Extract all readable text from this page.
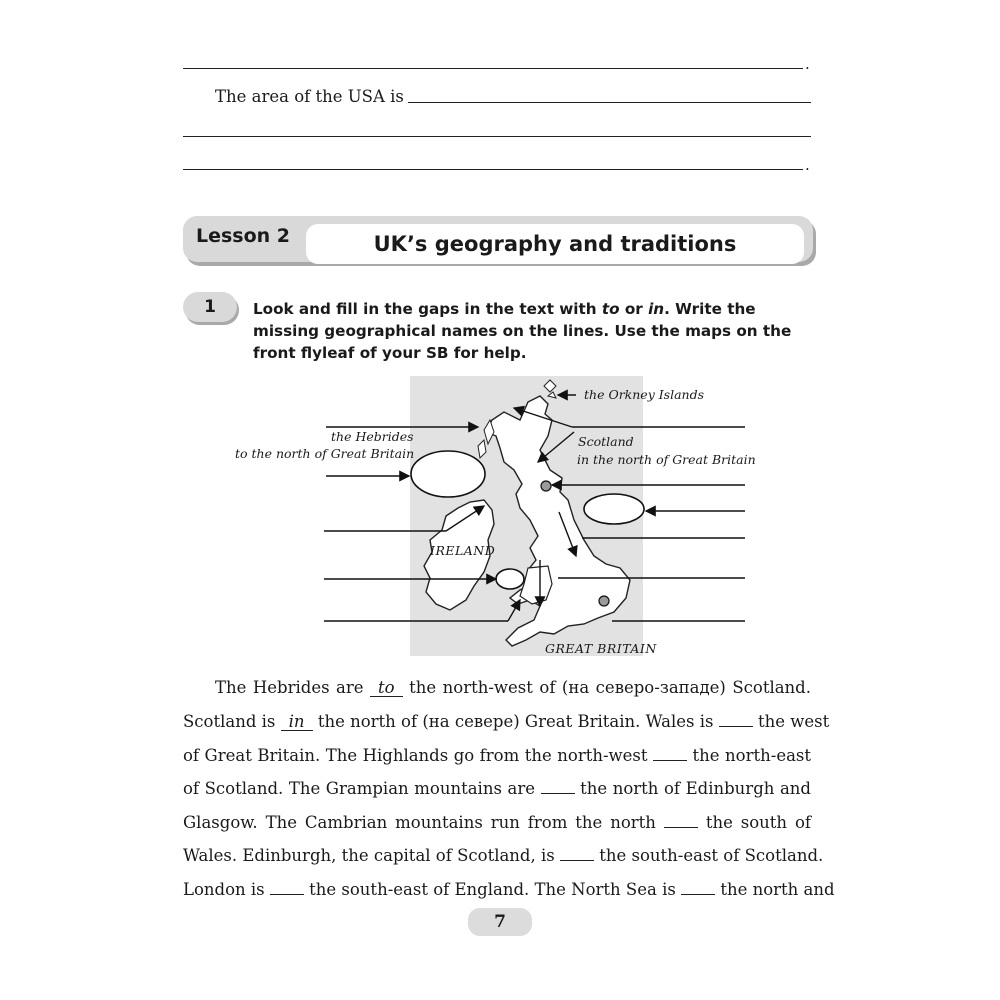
.
The area of the USA is
.
Lesson 2	UK’s geography and traditions
1	Look and fill in the gaps in the text with to or in. Write the missing geographical names on the lines. Use the maps on the front flyleaf of your SB for help.
the Orkney Islands
the Hebrides
to the north of Great Britain
Scotland
in the north of Great Britain
IRELAND
GREAT BRITAIN
The Hebrides are to the north-west of (на северо-западе) Scotland.
Scotland is in the north of (на севере) Great Britain. Wales is	the west
of Great Britain. The Highlands go from the north-west	the north-east
of Scotland. The Grampian mountains are	the north of Edinburgh and
Glasgow. The Cambrian mountains run from the north	the south of
Wales. Edinburgh, the capital of Scotland, is	the south-east of Scotland.
London is	the south-east of England. The North Sea is	the north and
7
